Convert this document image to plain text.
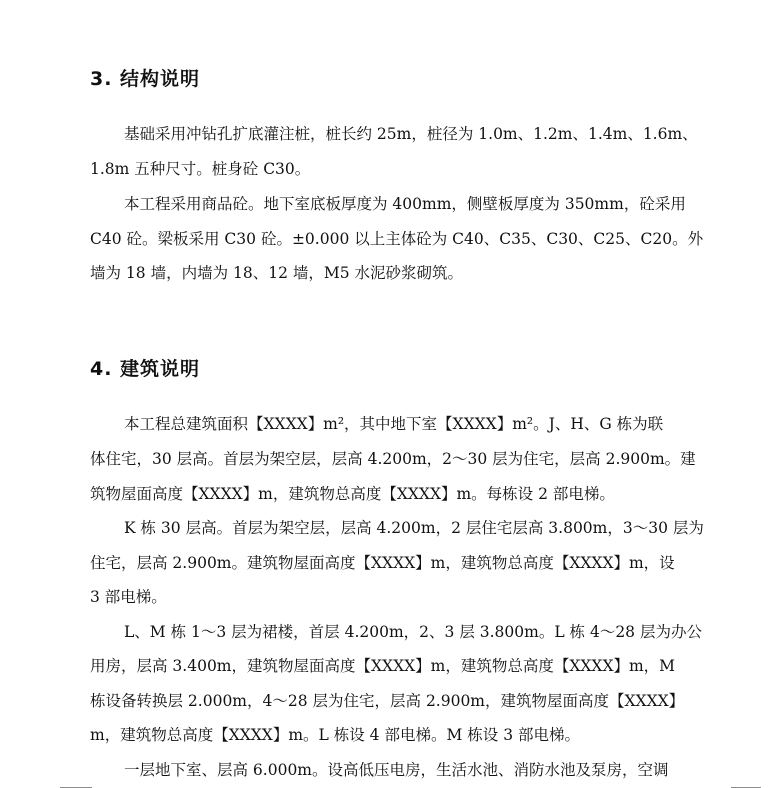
3. 结构说明

基础采用冲钻孔扩底灌注桩，桩长约 25m，桩径为 1.0m、1.2m、1.4m、1.6m、

1.8m 五种尺寸。桩身砼 C30。

本工程采用商品砼。地下室底板厚度为 400mm，侧壁板厚度为 350mm，砼采用

C40 砼。梁板采用 C30 砼。±0.000 以上主体砼为 C40、C35、C30、C25、C20。外

墙为 18 墙，内墙为 18、12 墙，M5 水泥砂浆砌筑。

4. 建筑说明

本工程总建筑面积【XXXX】m²，其中地下室【XXXX】m²。J、H、G 栋为联

体住宅，30 层高。首层为架空层，层高 4.200m，2～30 层为住宅，层高 2.900m。建

筑物屋面高度【XXXX】m，建筑物总高度【XXXX】m。每栋设 2 部电梯。

K 栋 30 层高。首层为架空层，层高 4.200m，2 层住宅层高 3.800m，3～30 层为

住宅，层高 2.900m。建筑物屋面高度【XXXX】m，建筑物总高度【XXXX】m，设

3 部电梯。

L、M 栋 1～3 层为裙楼，首层 4.200m，2、3 层 3.800m。L 栋 4～28 层为办公

用房，层高 3.400m，建筑物屋面高度【XXXX】m，建筑物总高度【XXXX】m，M

栋设备转换层 2.000m，4～28 层为住宅，层高 2.900m，建筑物屋面高度【XXXX】

m，建筑物总高度【XXXX】m。L 栋设 4 部电梯。M 栋设 3 部电梯。

一层地下室、层高 6.000m。设高低压电房，生活水池、消防水池及泵房，空调
